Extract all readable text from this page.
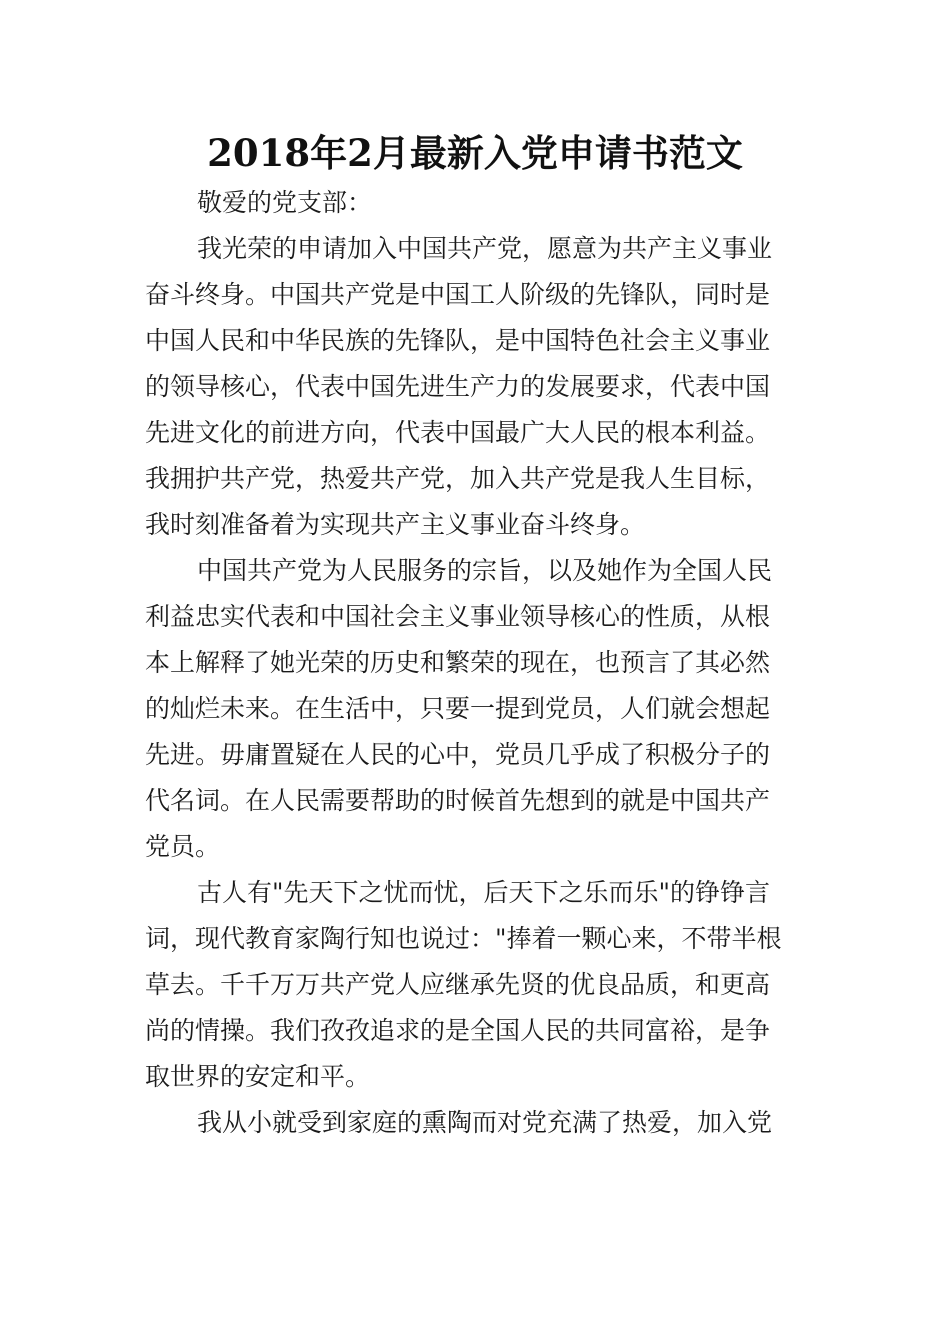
2018年2月最新入党申请书范文
敬爱的党支部：
我光荣的申请加入中国共产党，愿意为共产主义事业
奋斗终身。中国共产党是中国工人阶级的先锋队，同时是
中国人民和中华民族的先锋队，是中国特色社会主义事业
的领导核心，代表中国先进生产力的发展要求，代表中国
先进文化的前进方向，代表中国最广大人民的根本利益。
我拥护共产党，热爱共产党，加入共产党是我人生目标，
我时刻准备着为实现共产主义事业奋斗终身。
中国共产党为人民服务的宗旨，以及她作为全国人民
利益忠实代表和中国社会主义事业领导核心的性质，从根
本上解释了她光荣的历史和繁荣的现在，也预言了其必然
的灿烂未来。在生活中，只要一提到党员，人们就会想起
先进。毋庸置疑在人民的心中，党员几乎成了积极分子的
代名词。在人民需要帮助的时候首先想到的就是中国共产
党员。
古人有"先天下之忧而忧，后天下之乐而乐"的铮铮言
词，现代教育家陶行知也说过："捧着一颗心来，不带半根
草去。千千万万共产党人应继承先贤的优良品质，和更高
尚的情操。我们孜孜追求的是全国人民的共同富裕，是争
取世界的安定和平。
我从小就受到家庭的熏陶而对党充满了热爱，加入党
